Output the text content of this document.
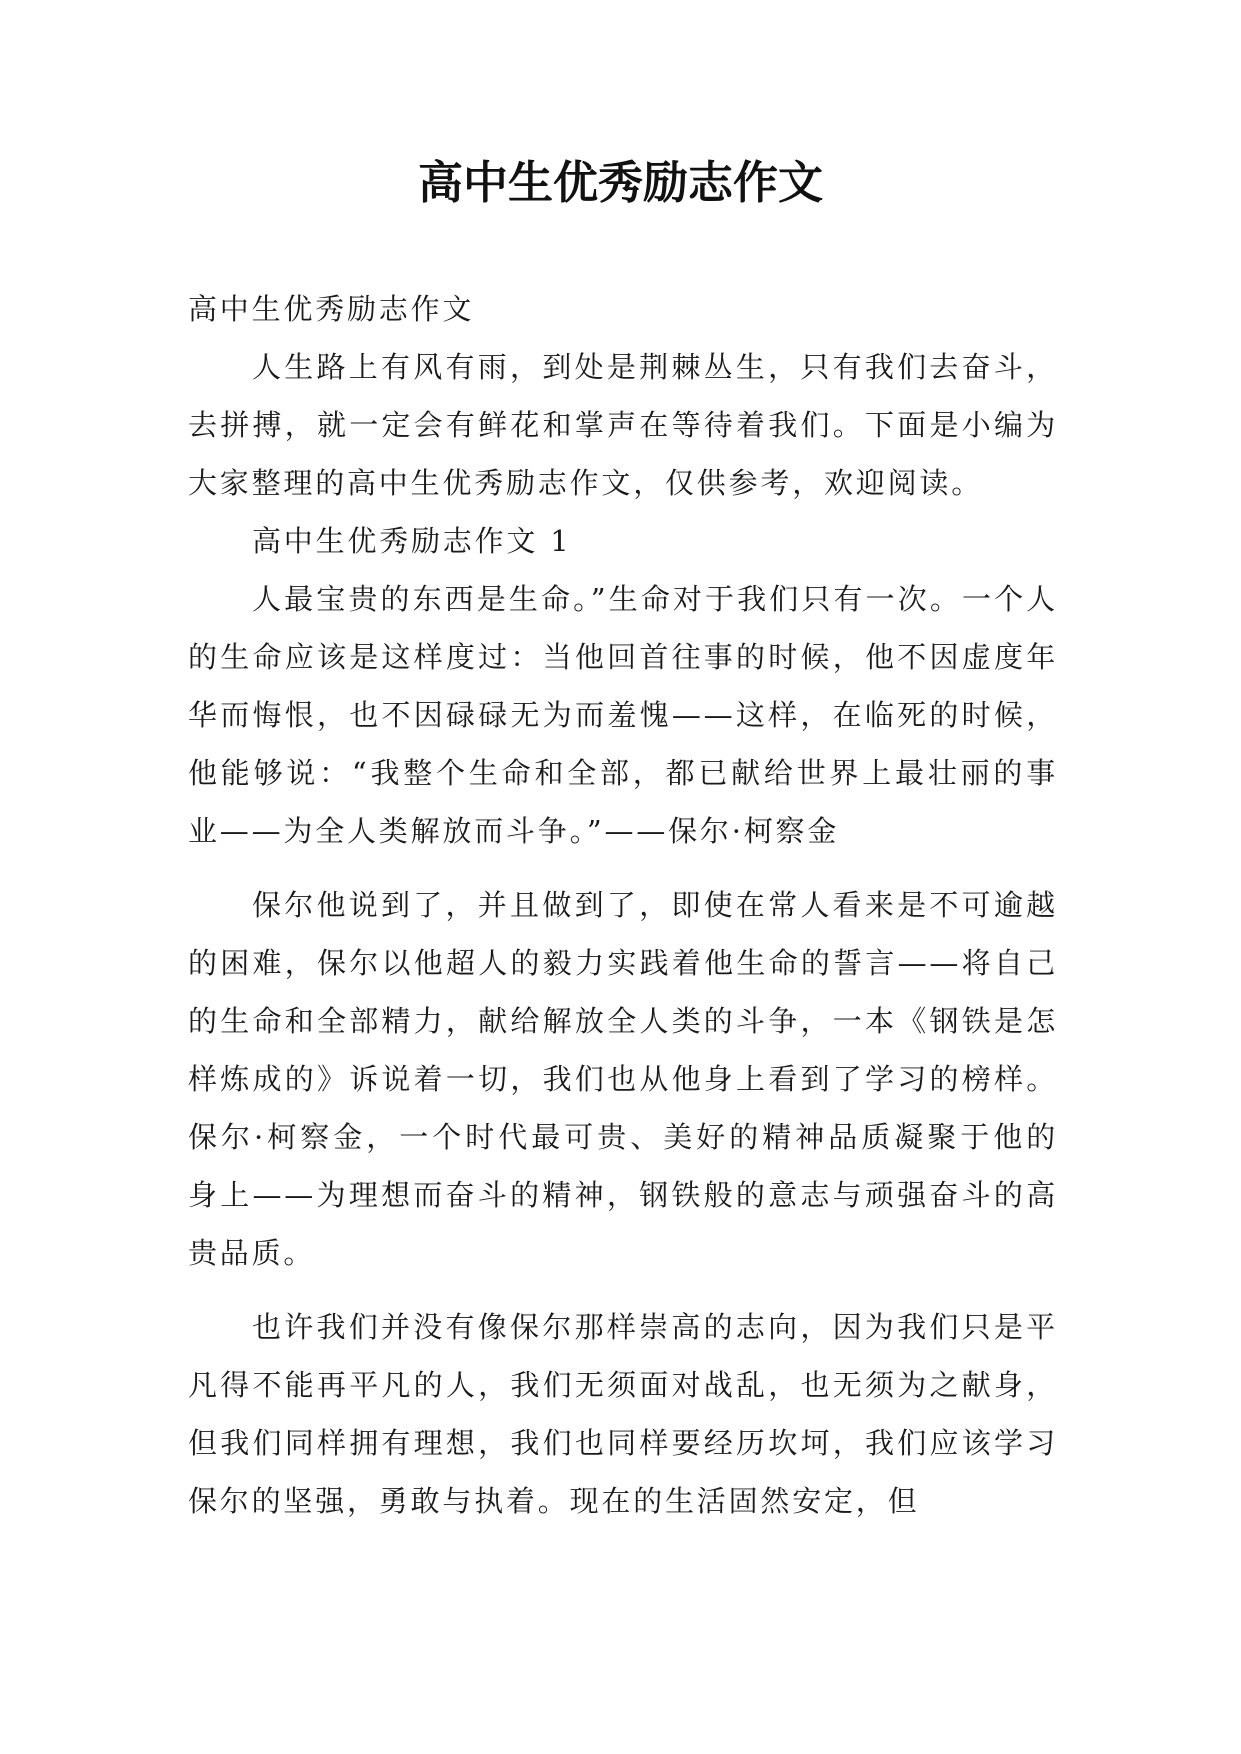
高中生优秀励志作文

高中生优秀励志作文

人生路上有风有雨，到处是荆棘丛生，只有我们去奋斗，去拼搏，就一定会有鲜花和掌声在等待着我们。下面是小编为大家整理的高中生优秀励志作文，仅供参考，欢迎阅读。

高中生优秀励志作文 1

人最宝贵的东西是生命。”生命对于我们只有一次。一个人的生命应该是这样度过：当他回首往事的时候，他不因虚度年华而悔恨，也不因碌碌无为而羞愧——这样，在临死的时候，他能够说：“我整个生命和全部，都已献给世界上最壮丽的事业——为全人类解放而斗争。”——保尔·柯察金

保尔他说到了，并且做到了，即使在常人看来是不可逾越的困难，保尔以他超人的毅力实践着他生命的誓言——将自己的生命和全部精力，献给解放全人类的斗争，一本《钢铁是怎样炼成的》诉说着一切，我们也从他身上看到了学习的榜样。保尔·柯察金，一个时代最可贵、美好的精神品质凝聚于他的身上——为理想而奋斗的精神，钢铁般的意志与顽强奋斗的高贵品质。

也许我们并没有像保尔那样崇高的志向，因为我们只是平凡得不能再平凡的人，我们无须面对战乱，也无须为之献身，但我们同样拥有理想，我们也同样要经历坎坷，我们应该学习保尔的坚强，勇敢与执着。现在的生活固然安定，但
